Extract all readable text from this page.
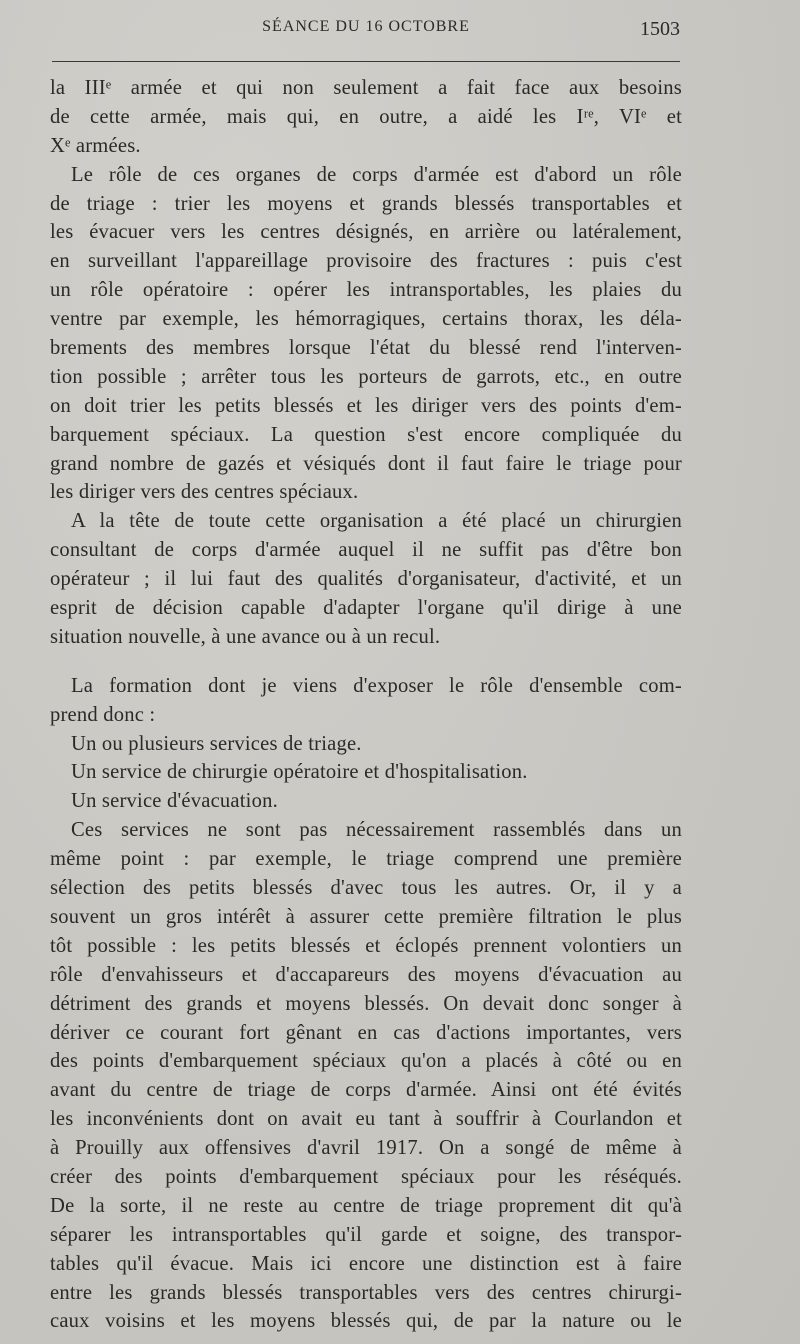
SÉANCE DU 16 OCTOBRE	1503
la IIIᵉ armée et qui non seulement a fait face aux besoins
de cette armée, mais qui, en outre, a aidé les Iʳᵉ, VIᵉ et
Xᵉ armées.
Le rôle de ces organes de corps d'armée est d'abord un rôle
de triage : trier les moyens et grands blessés transportables et
les évacuer vers les centres désignés, en arrière ou latéralement,
en surveillant l'appareillage provisoire des fractures : puis c'est
un rôle opératoire : opérer les intransportables, les plaies du
ventre par exemple, les hémorragiques, certains thorax, les déla-
brements des membres lorsque l'état du blessé rend l'interven-
tion possible ; arrêter tous les porteurs de garrots, etc., en outre
on doit trier les petits blessés et les diriger vers des points d'em-
barquement spéciaux. La question s'est encore compliquée du
grand nombre de gazés et vésiqués dont il faut faire le triage pour
les diriger vers des centres spéciaux.
A la tête de toute cette organisation a été placé un chirurgien
consultant de corps d'armée auquel il ne suffit pas d'être bon
opérateur ; il lui faut des qualités d'organisateur, d'activité, et un
esprit de décision capable d'adapter l'organe qu'il dirige à une
situation nouvelle, à une avance ou à un recul.
La formation dont je viens d'exposer le rôle d'ensemble com-
prend donc :
Un ou plusieurs services de triage.
Un service de chirurgie opératoire et d'hospitalisation.
Un service d'évacuation.
Ces services ne sont pas nécessairement rassemblés dans un
même point : par exemple, le triage comprend une première
sélection des petits blessés d'avec tous les autres. Or, il y a
souvent un gros intérêt à assurer cette première filtration le plus
tôt possible : les petits blessés et éclopés prennent volontiers un
rôle d'envahisseurs et d'accapareurs des moyens d'évacuation au
détriment des grands et moyens blessés. On devait donc songer à
dériver ce courant fort gênant en cas d'actions importantes, vers
des points d'embarquement spéciaux qu'on a placés à côté ou en
avant du centre de triage de corps d'armée. Ainsi ont été évités
les inconvénients dont on avait eu tant à souffrir à Courlandon et
à Prouilly aux offensives d'avril 1917. On a songé de même à
créer des points d'embarquement spéciaux pour les réséqués.
De la sorte, il ne reste au centre de triage proprement dit qu'à
séparer les intransportables qu'il garde et soigne, des transpor-
tables qu'il évacue. Mais ici encore une distinction est à faire
entre les grands blessés transportables vers des centres chirurgi-
caux voisins et les moyens blessés qui, de par la nature ou le
